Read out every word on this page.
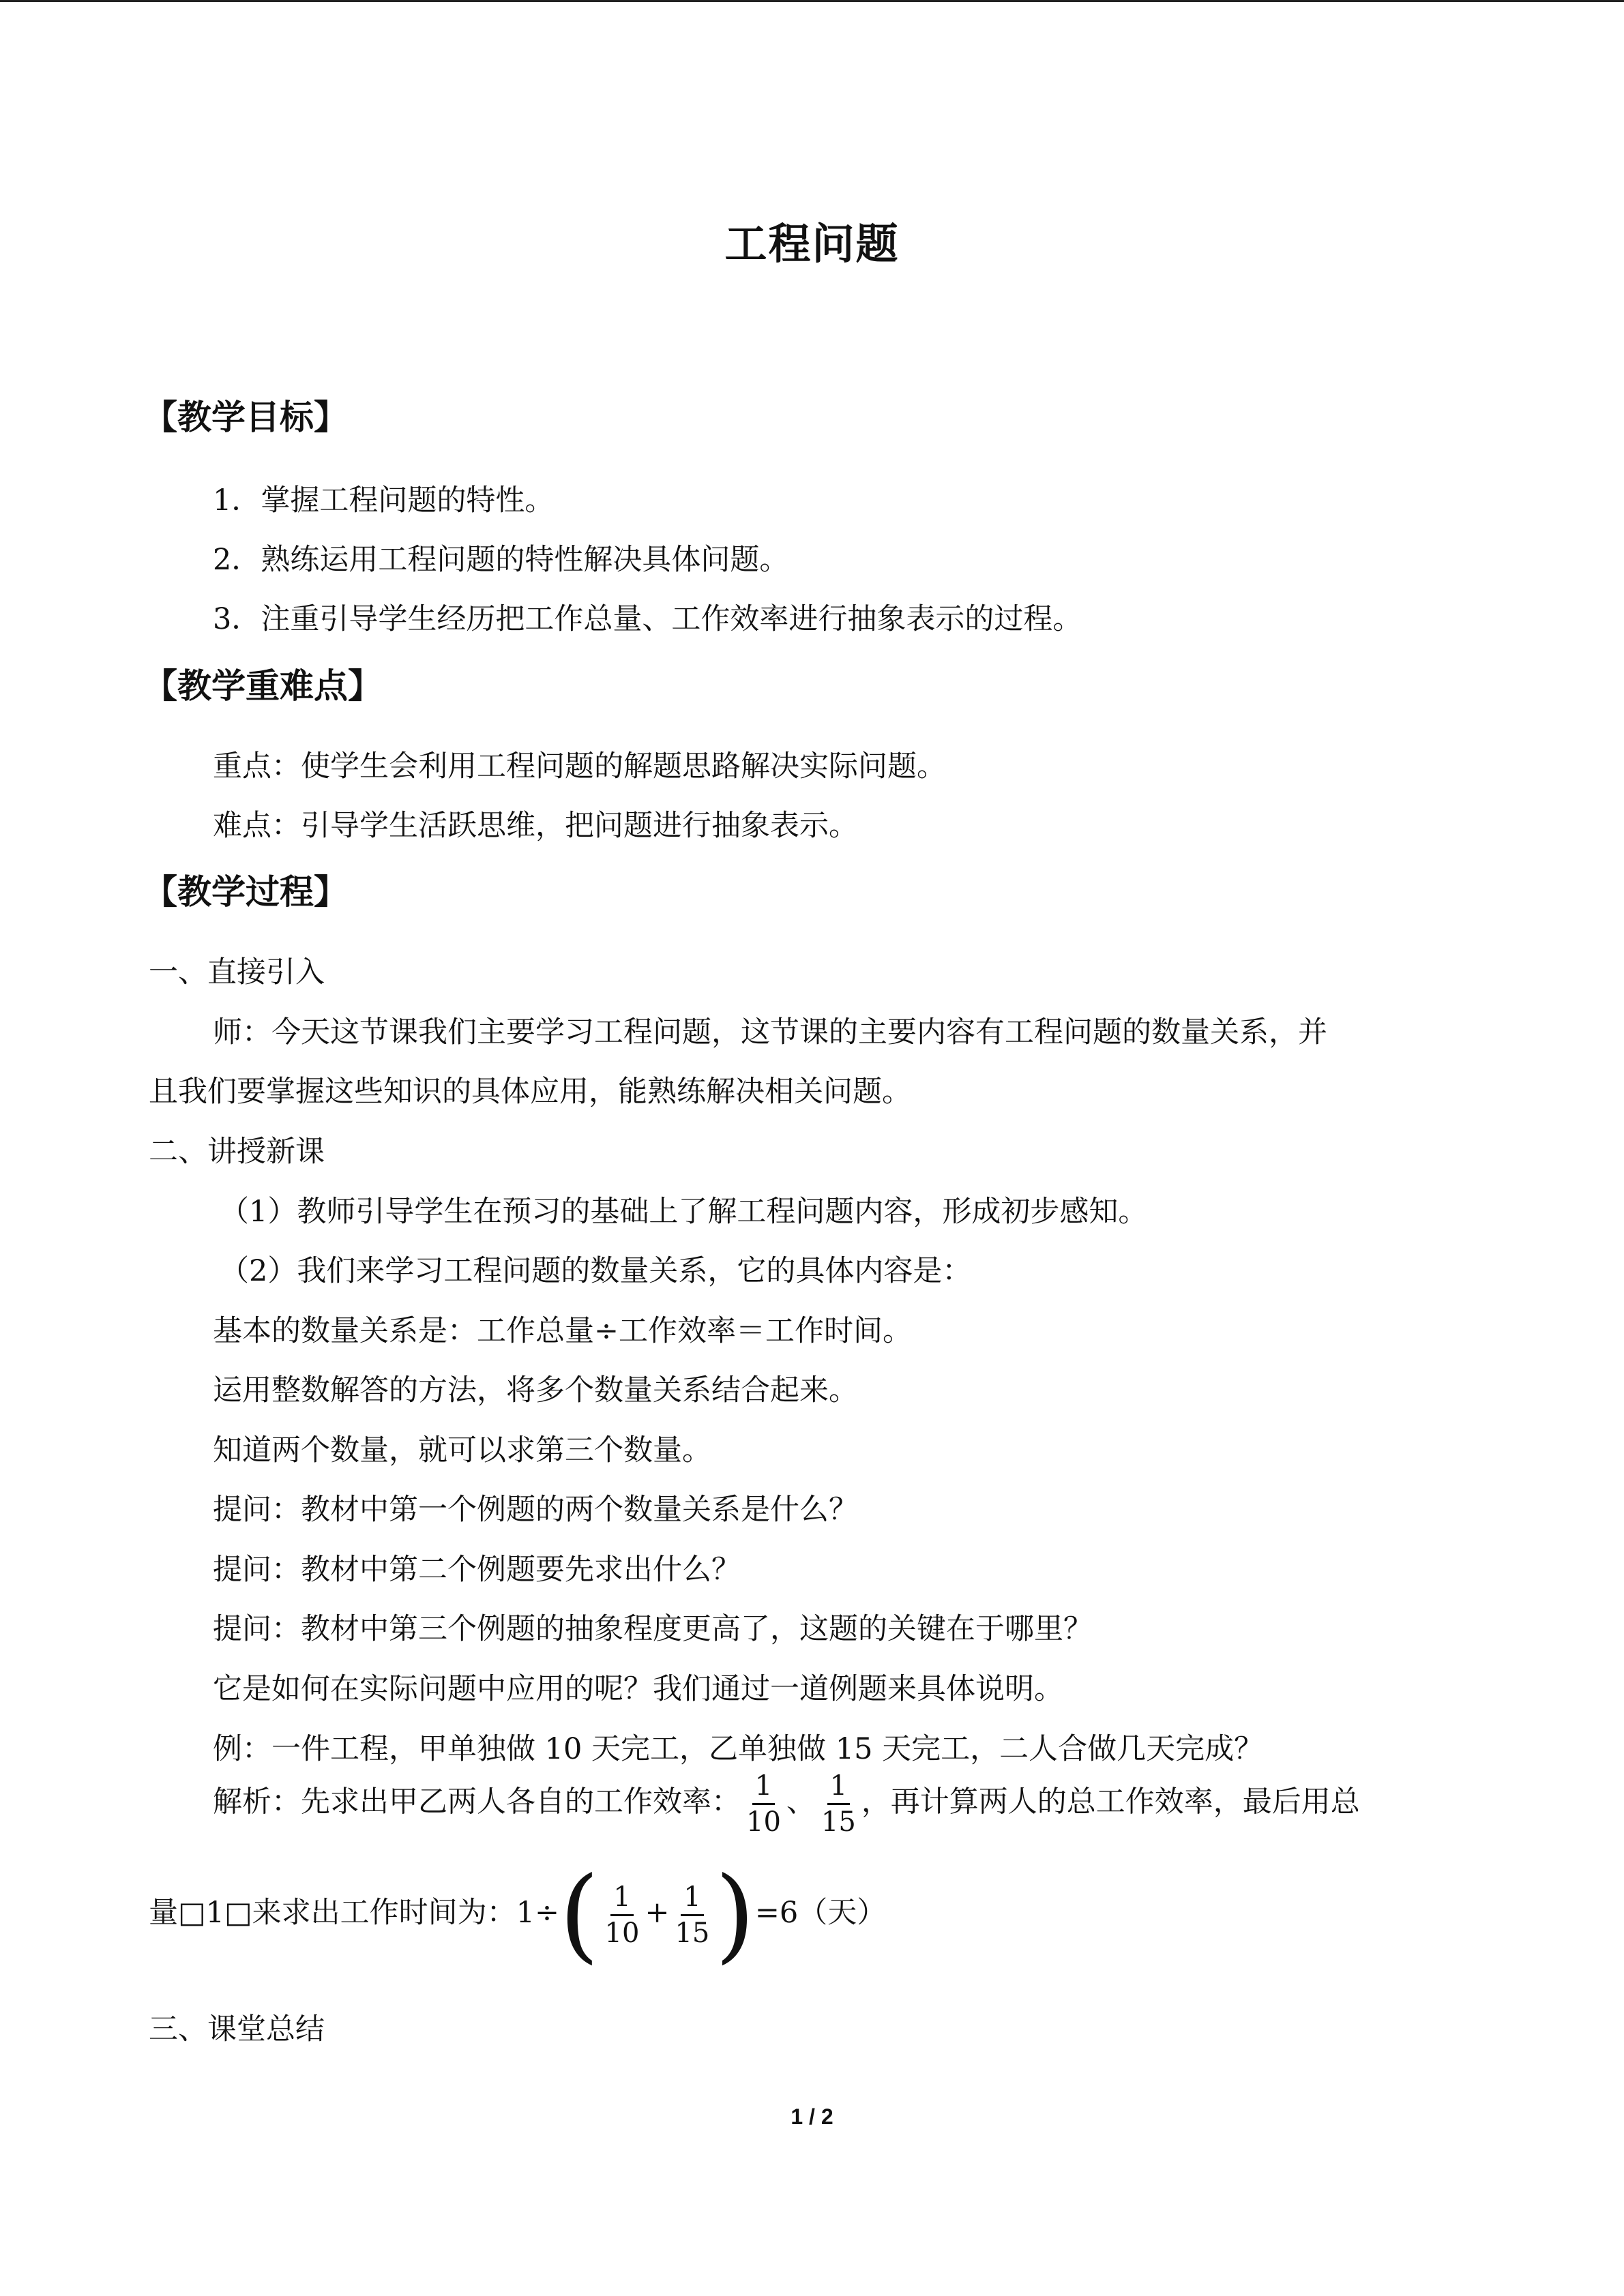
工程问题
【教学目标】
1．掌握工程问题的特性。
2．熟练运用工程问题的特性解决具体问题。
3．注重引导学生经历把工作总量、工作效率进行抽象表示的过程。
【教学重难点】
重点：使学生会利用工程问题的解题思路解决实际问题。
难点：引导学生活跃思维，把问题进行抽象表示。
【教学过程】
一、直接引入
师：今天这节课我们主要学习工程问题，这节课的主要内容有工程问题的数量关系，并
且我们要掌握这些知识的具体应用，能熟练解决相关问题。
二、讲授新课
（1）教师引导学生在预习的基础上了解工程问题内容，形成初步感知。
（2）我们来学习工程问题的数量关系，它的具体内容是：
基本的数量关系是：工作总量÷工作效率＝工作时间。
运用整数解答的方法，将多个数量关系结合起来。
知道两个数量，就可以求第三个数量。
提问：教材中第一个例题的两个数量关系是什么？
提问：教材中第二个例题要先求出什么？
提问：教材中第三个例题的抽象程度更高了，这题的关键在于哪里？
它是如何在实际问题中应用的呢？我们通过一道例题来具体说明。
例：一件工程，甲单独做 10 天完工，乙单独做 15 天完工，二人合做几天完成？
解析：先求出甲乙两人各自的工作效率： $\frac{1}{10}$ 、 $\frac{1}{15}$ ，再计算两人的总工作效率，最后用总
量□1□来求出工作时间为：$1\div( \frac{1}{10} + \frac{1}{15} )=6$（天）
三、课堂总结
1 / 2
